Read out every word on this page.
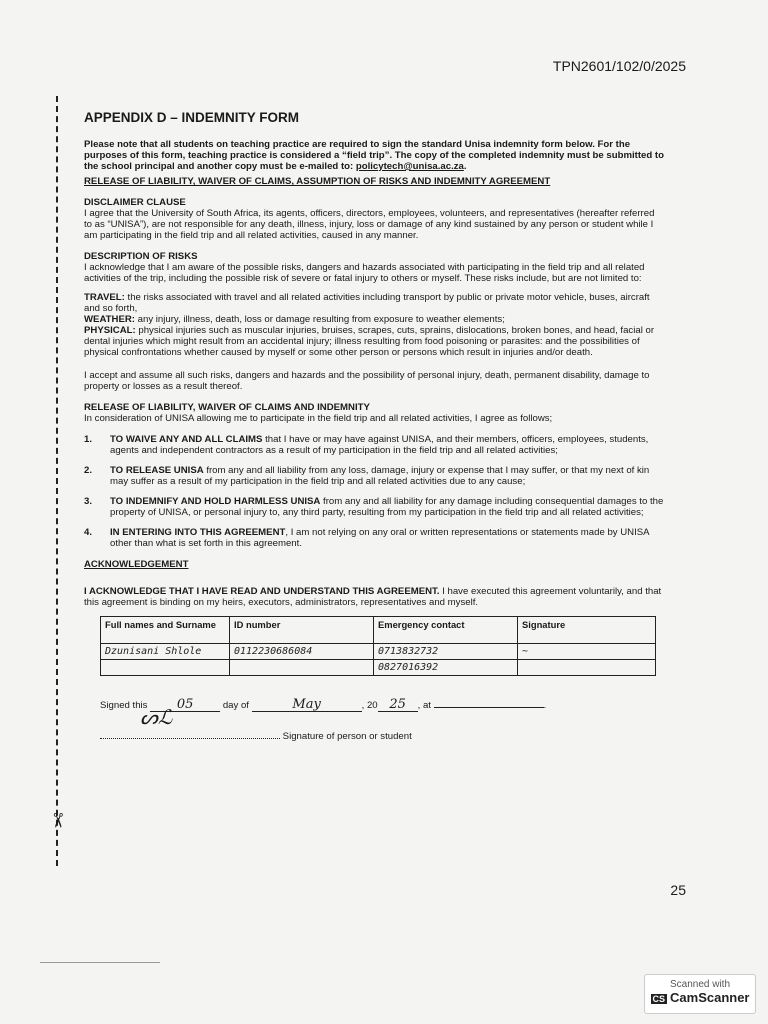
TPN2601/102/0/2025
✂
APPENDIX D – INDEMNITY FORM

Please note that all students on teaching practice are required to sign the standard Unisa indemnity form below. For the purposes of this form, teaching practice is considered a “field trip”. The copy of the completed indemnity must be submitted to the school principal and another copy must be e-mailed to: policytech@unisa.ac.za.

RELEASE OF LIABILITY, WAIVER OF CLAIMS, ASSUMPTION OF RISKS AND INDEMNITY AGREEMENT

DISCLAIMER CLAUSE

I agree that the University of South Africa, its agents, officers, directors, employees, volunteers, and representatives (hereafter referred to as “UNISA”), are not responsible for any death, illness, injury, loss or damage of any kind sustained by any person or student while I am participating in the field trip and all related activities, caused in any manner.

DESCRIPTION OF RISKS

I acknowledge that I am aware of the possible risks, dangers and hazards associated with participating in the field trip and all related activities of the trip, including the possible risk of severe or fatal injury to others or myself. These risks include, but are not limited to:

TRAVEL: the risks associated with travel and all related activities including transport by public or private motor vehicle, buses, aircraft and so forth,

WEATHER: any injury, illness, death, loss or damage resulting from exposure to weather elements;

PHYSICAL: physical injuries such as muscular injuries, bruises, scrapes, cuts, sprains, dislocations, broken bones, and head, facial or dental injuries which might result from an accidental injury; illness resulting from food poisoning or parasites: and the possibilities of physical confrontations whether caused by myself or some other person or persons which result in injuries and/or death.

I accept and assume all such risks, dangers and hazards and the possibility of personal injury, death, permanent disability, damage to property or losses as a result thereof.

RELEASE OF LIABILITY, WAIVER OF CLAIMS AND INDEMNITY

In consideration of UNISA allowing me to participate in the field trip and all related activities, I agree as follows;

1.	TO WAIVE ANY AND ALL CLAIMS that I have or may have against UNISA, and their members, officers, employees, students, agents and independent contractors as a result of my participation in the field trip and all related activities;
2.	TO RELEASE UNISA from any and all liability from any loss, damage, injury or expense that I may suffer, or that my next of kin may suffer as a result of my participation in the field trip and all related activities due to any cause;
3.	TO INDEMNIFY AND HOLD HARMLESS UNISA from any and all liability for any damage including consequential damages to the property of UNISA, or personal injury to, any third party, resulting from my participation in the field trip and all related activities;
4.	IN ENTERING INTO THIS AGREEMENT, I am not relying on any oral or written representations or statements made by UNISA other than what is set forth in this agreement.

ACKNOWLEDGEMENT

I ACKNOWLEDGE THAT I HAVE READ AND UNDERSTAND THIS AGREEMENT. I have executed this agreement voluntarily, and that this agreement is binding on my heirs, executors, administrators, representatives and myself.

Full names and Surname	ID number	Emergency contact	Signature
Dzunisani Shlole	0112230686084	0713832732	~
		0827016392	

Signed this 05	day of	May	, 20 25 , at	.

ᔕℒ
Signature of person or student

25
Scanned with
CS CamScanner
